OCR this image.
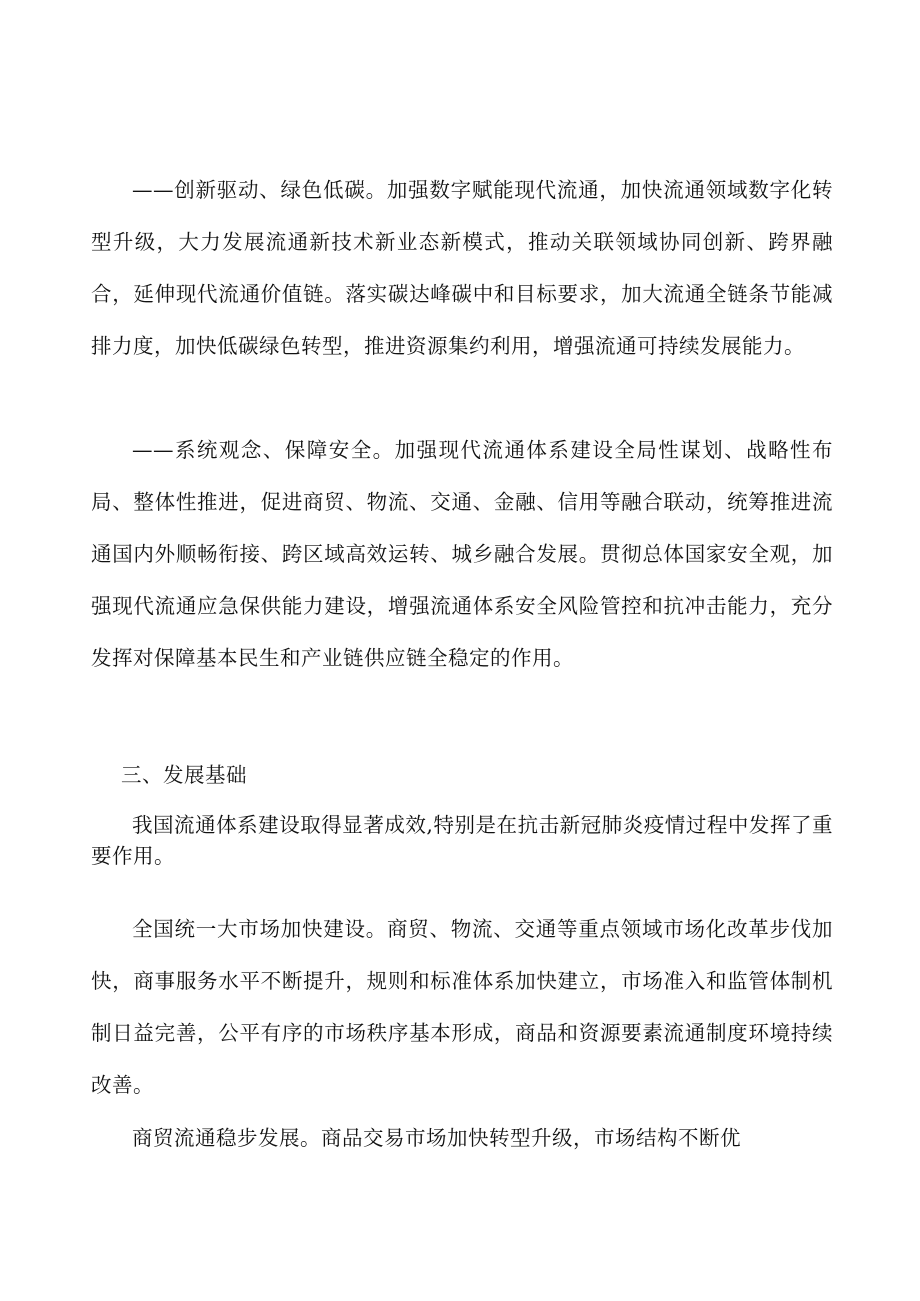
——创新驱动、绿色低碳。加强数字赋能现代流通，加快流通领域数字化转型升级，大力发展流通新技术新业态新模式，推动关联领域协同创新、跨界融合，延伸现代流通价值链。落实碳达峰碳中和目标要求，加大流通全链条节能减排力度，加快低碳绿色转型，推进资源集约利用，增强流通可持续发展能力。

——系统观念、保障安全。加强现代流通体系建设全局性谋划、战略性布局、整体性推进，促进商贸、物流、交通、金融、信用等融合联动，统筹推进流通国内外顺畅衔接、跨区域高效运转、城乡融合发展。贯彻总体国家安全观，加强现代流通应急保供能力建设，增强流通体系安全风险管控和抗冲击能力，充分发挥对保障基本民生和产业链供应链全稳定的作用。

三、发展基础

我国流通体系建设取得显著成效,特别是在抗击新冠肺炎疫情过程中发挥了重要作用。

全国统一大市场加快建设。商贸、物流、交通等重点领域市场化改革步伐加快，商事服务水平不断提升，规则和标准体系加快建立，市场准入和监管体制机制日益完善，公平有序的市场秩序基本形成，商品和资源要素流通制度环境持续改善。

商贸流通稳步发展。商品交易市场加快转型升级，市场结构不断优
